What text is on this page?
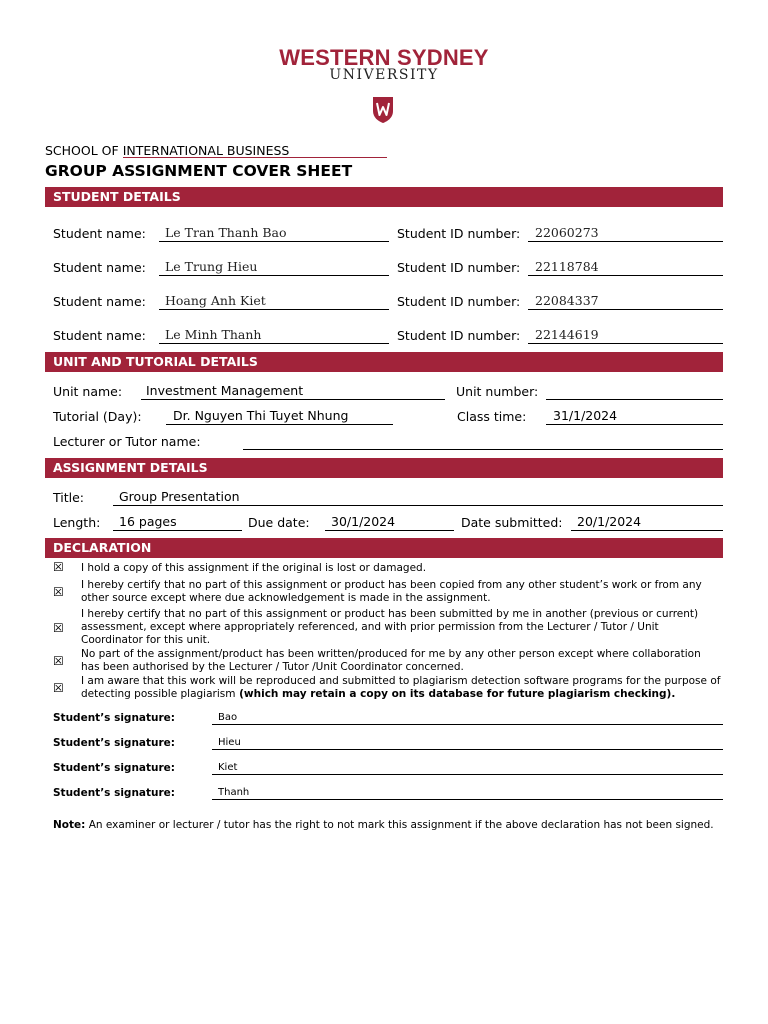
WESTERN SYDNEY
UNIVERSITY
SCHOOL OF INTERNATIONAL BUSINESS
GROUP ASSIGNMENT COVER SHEET
STUDENT DETAILS
Student name:	Le Tran Thanh Bao	Student ID number:	22060273
Student name:	Le Trung Hieu	Student ID number:	22118784
Student name:	Hoang Anh Kiet	Student ID number:	22084337
Student name:	Le Minh Thanh	Student ID number:	22144619
UNIT AND TUTORIAL DETAILS
Unit name:	Investment Management	Unit number:
Tutorial (Day):	Dr. Nguyen Thi Tuyet Nhung	Class time:	31/1/2024
Lecturer or Tutor name:
ASSIGNMENT DETAILS
Title:	Group Presentation
Length:	16 pages	Due date:	30/1/2024	Date submitted:	20/1/2024
DECLARATION
☒ I hold a copy of this assignment if the original is lost or damaged.
☒ I hereby certify that no part of this assignment or product has been copied from any other student’s work or from any
other source except where due acknowledgement is made in the assignment.
☒
I hereby certify that no part of this assignment or product has been submitted by me in another (previous or current)
assessment, except where appropriately referenced, and with prior permission from the Lecturer / Tutor / Unit
Coordinator for this unit.
☒ No part of the assignment/product has been written/produced for me by any other person except where collaboration
has been authorised by the Lecturer / Tutor /Unit Coordinator concerned.
☒ I am aware that this work will be reproduced and submitted to plagiarism detection software programs for the purpose of
detecting possible plagiarism (which may retain a copy on its database for future plagiarism checking).
Student’s signature:	Bao
Student’s signature:	Hieu
Student’s signature:	Kiet
Student’s signature:	Thanh
Note: An examiner or lecturer / tutor has the right to not mark this assignment if the above declaration has not been signed.
